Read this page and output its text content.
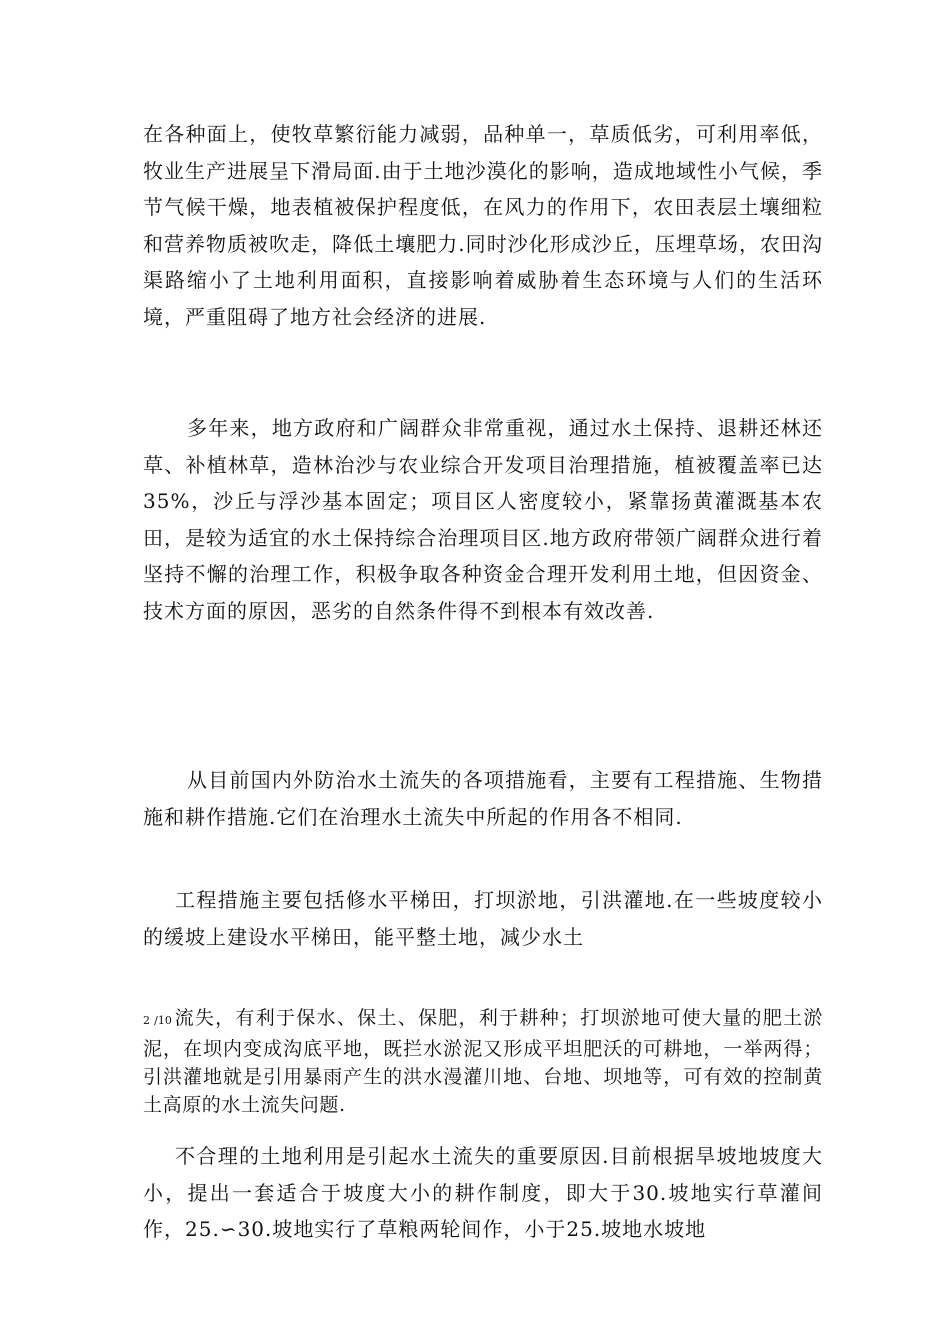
在各种面上，使牧草繁衍能力减弱，品种单一，草质低劣，可利用率低，牧业生产进展呈下滑局面.由于土地沙漠化的影响，造成地域性小气候，季节气候干燥，地表植被保护程度低，在风力的作用下，农田表层土壤细粒和营养物质被吹走，降低土壤肥力.同时沙化形成沙丘，压埋草场，农田沟渠路缩小了土地利用面积，直接影响着威胁着生态环境与人们的生活环境，严重阻碍了地方社会经济的进展.

多年来，地方政府和广阔群众非常重视，通过水土保持、退耕还林还草、补植林草，造林治沙与农业综合开发项目治理措施，植被覆盖率已达35%，沙丘与浮沙基本固定；项目区人密度较小，紧靠扬黄灌溉基本农田，是较为适宜的水土保持综合治理项目区.地方政府带领广阔群众进行着坚持不懈的治理工作，积极争取各种资金合理开发利用土地，但因资金、技术方面的原因，恶劣的自然条件得不到根本有效改善.

从目前国内外防治水土流失的各项措施看，主要有工程措施、生物措施和耕作措施.它们在治理水土流失中所起的作用各不相同.

工程措施主要包括修水平梯田，打坝淤地，引洪灌地.在一些坡度较小的缓坡上建设水平梯田，能平整土地，减少水土

2 /10 流失，有利于保水、保土、保肥，利于耕种；打坝淤地可使大量的肥土淤泥，在坝内变成沟底平地，既拦水淤泥又形成平坦肥沃的可耕地，一举两得；引洪灌地就是引用暴雨产生的洪水漫灌川地、台地、坝地等，可有效的控制黄土高原的水土流失问题.

不合理的土地利用是引起水土流失的重要原因.目前根据旱坡地坡度大小，提出一套适合于坡度大小的耕作制度，即大于30.坡地实行草灌间作，25.∽30.坡地实行了草粮两轮间作，小于25.坡地水坡地
